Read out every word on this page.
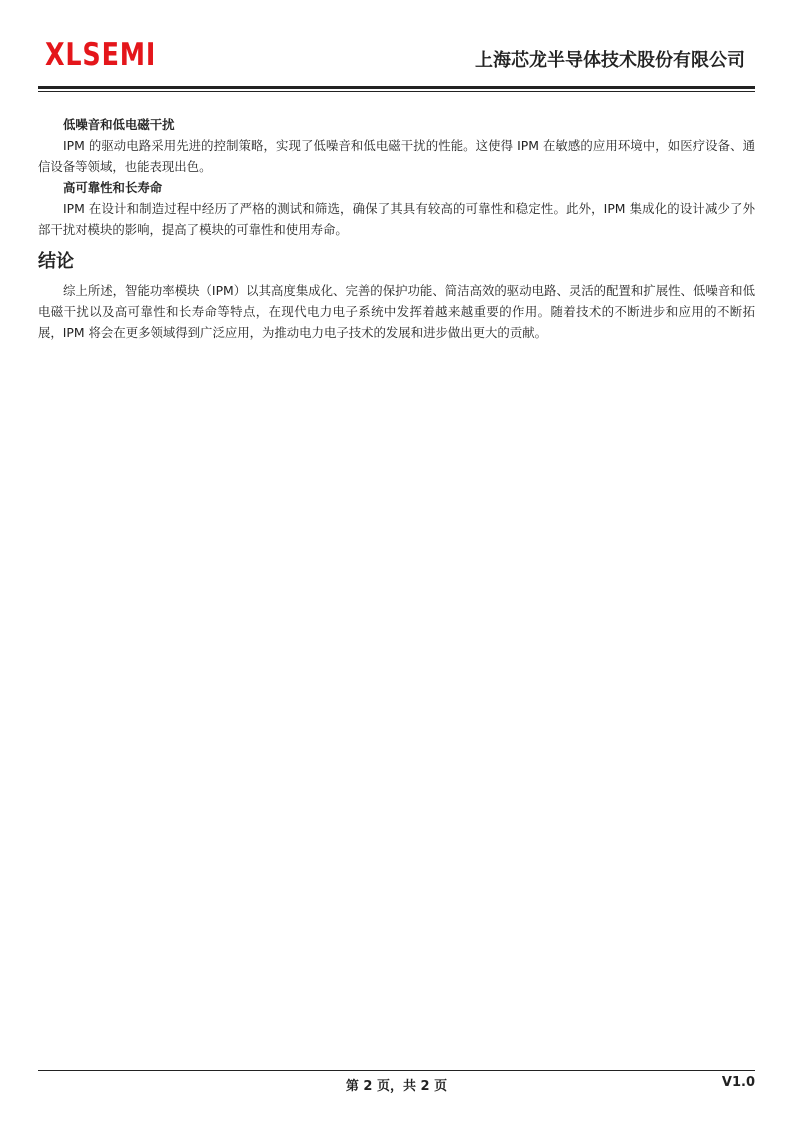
XLSEMI	上海芯龙半导体技术股份有限公司

低噪音和低电磁干扰

IPM 的驱动电路采用先进的控制策略，实现了低噪音和低电磁干扰的性能。这使得 IPM 在敏感的应用环境中，如医疗设备、通信设备等领域，也能表现出色。

高可靠性和长寿命

IPM 在设计和制造过程中经历了严格的测试和筛选，确保了其具有较高的可靠性和稳定性。此外，IPM 集成化的设计减少了外部干扰对模块的影响，提高了模块的可靠性和使用寿命。

结论

综上所述，智能功率模块（IPM）以其高度集成化、完善的保护功能、简洁高效的驱动电路、灵活的配置和扩展性、低噪音和低电磁干扰以及高可靠性和长寿命等特点，在现代电力电子系统中发挥着越来越重要的作用。随着技术的不断进步和应用的不断拓展，IPM 将会在更多领域得到广泛应用，为推动电力电子技术的发展和进步做出更大的贡献。

第 2 页，共 2 页	V1.0
